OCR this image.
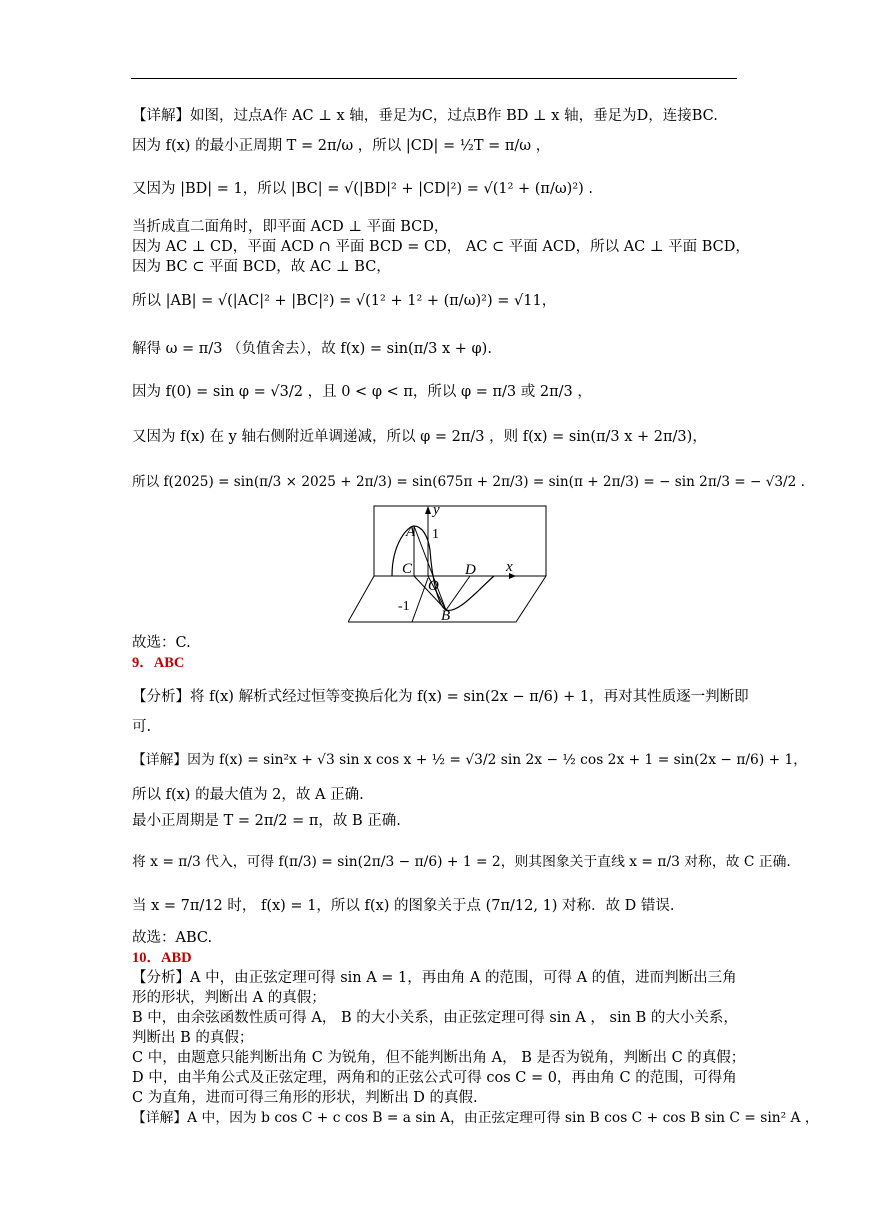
【详解】如图，过点A作 AC ⊥ x 轴，垂足为C，过点B作 BD ⊥ x 轴，垂足为D，连接BC.
因为 f(x) 的最小正周期 T = 2π/ω ，所以 |CD| = ½T = π/ω ，
又因为 |BD| = 1，所以 |BC| = √(|BD|² + |CD|²) = √(1² + (π/ω)²) .
当折成直二面角时，即平面 ACD ⊥ 平面 BCD，
因为 AC ⊥ CD，平面 ACD ∩ 平面 BCD = CD， AC ⊂ 平面 ACD，所以 AC ⊥ 平面 BCD，
因为 BC ⊂ 平面 BCD，故 AC ⊥ BC，
所以 |AB| = √(|AC|² + |BC|²) = √(1² + 1² + (π/ω)²) = √11，
解得 ω = π/3 （负值舍去），故 f(x) = sin(π/3 x + φ).
因为 f(0) = sin φ = √3/2 ，且 0 < φ < π，所以 φ = π/3 或 2π/3 ，
又因为 f(x) 在 y 轴右侧附近单调递减，所以 φ = 2π/3 ，则 f(x) = sin(π/3 x + 2π/3)，
所以 f(2025) = sin(π/3 × 2025 + 2π/3) = sin(675π + 2π/3) = sin(π + 2π/3) = − sin 2π/3 = − √3/2 .
y
x
A
C
O
D
B
1
-1
故选：C.
9．ABC
【分析】将 f(x) 解析式经过恒等变换后化为 f(x) = sin(2x − π/6) + 1，再对其性质逐一判断即
可.
【详解】因为 f(x) = sin²x + √3 sin x cos x + ½ = √3/2 sin 2x − ½ cos 2x + 1 = sin(2x − π/6) + 1，
所以 f(x) 的最大值为 2，故 A 正确.
最小正周期是 T = 2π/2 = π，故 B 正确.
将 x = π/3 代入，可得 f(π/3) = sin(2π/3 − π/6) + 1 = 2，则其图象关于直线 x = π/3 对称，故 C 正确.
当 x = 7π/12 时， f(x) = 1，所以 f(x) 的图象关于点 (7π/12, 1) 对称．故 D 错误.
故选：ABC.
10．ABD
【分析】A 中，由正弦定理可得 sin A = 1，再由角 A 的范围，可得 A 的值，进而判断出三角
形的形状，判断出 A 的真假；
B 中，由余弦函数性质可得 A， B 的大小关系，由正弦定理可得 sin A ， sin B 的大小关系，
判断出 B 的真假；
C 中，由题意只能判断出角 C 为锐角，但不能判断出角 A， B 是否为锐角，判断出 C 的真假；
D 中，由半角公式及正弦定理，两角和的正弦公式可得 cos C = 0，再由角 C 的范围，可得角
C 为直角，进而可得三角形的形状，判断出 D 的真假.
【详解】A 中，因为 b cos C + c cos B = a sin A，由正弦定理可得 sin B cos C + cos B sin C = sin² A ，
